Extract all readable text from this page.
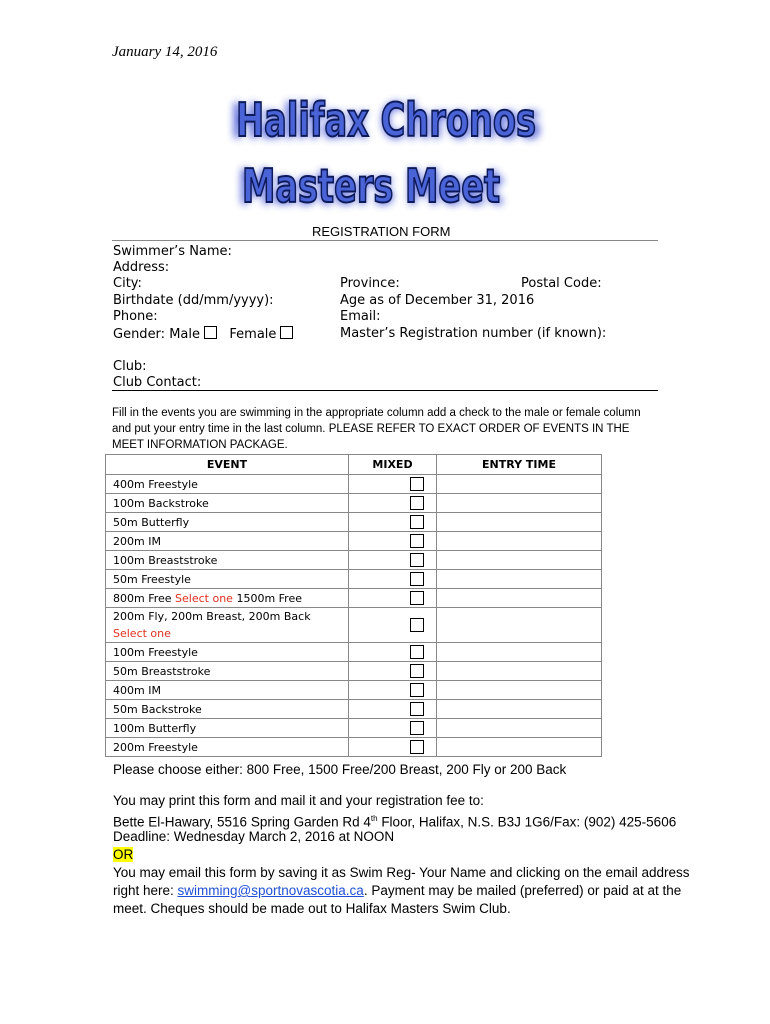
January 14, 2016
Halifax Chronos
Masters Meet
Halifax Chronos
Masters Meet
REGISTRATION FORM
Swimmer’s Name:
Address:
City:	Province:	Postal Code:
Birthdate (dd/mm/yyyy):	Age as of December 31, 2016
Phone:	Email:
Gender: Male Female	Master’s Registration number (if known):
Club:
Club Contact:
Fill in the events you are swimming in the appropriate column add a check to the male or female column and put your entry time in the last column. PLEASE REFER TO EXACT ORDER OF EVENTS IN THE MEET INFORMATION PACKAGE.
EVENT	MIXED	ENTRY TIME
400m Freestyle		
100m Backstroke		
50m Butterfly		
200m IM		
100m Breaststroke		
50m Freestyle		
800m Free Select one 1500m Free		
200m Fly, 200m Breast, 200m Back
Select one		
100m Freestyle		
50m Breaststroke		
400m IM		
50m Backstroke		
100m Butterfly		
200m Freestyle		
Please choose either: 800 Free, 1500 Free/200 Breast, 200 Fly or 200 Back
You may print this form and mail it and your registration fee to:
Bette El-Hawary, 5516 Spring Garden Rd 4th Floor, Halifax, N.S. B3J 1G6/Fax: (902) 425-5606
Deadline: Wednesday March 2, 2016 at NOON
OR
You may email this form by saving it as Swim Reg- Your Name and clicking on the email address
right here: swimming@sportnovascotia.ca. Payment may be mailed (preferred) or paid at at the
meet. Cheques should be made out to Halifax Masters Swim Club.
